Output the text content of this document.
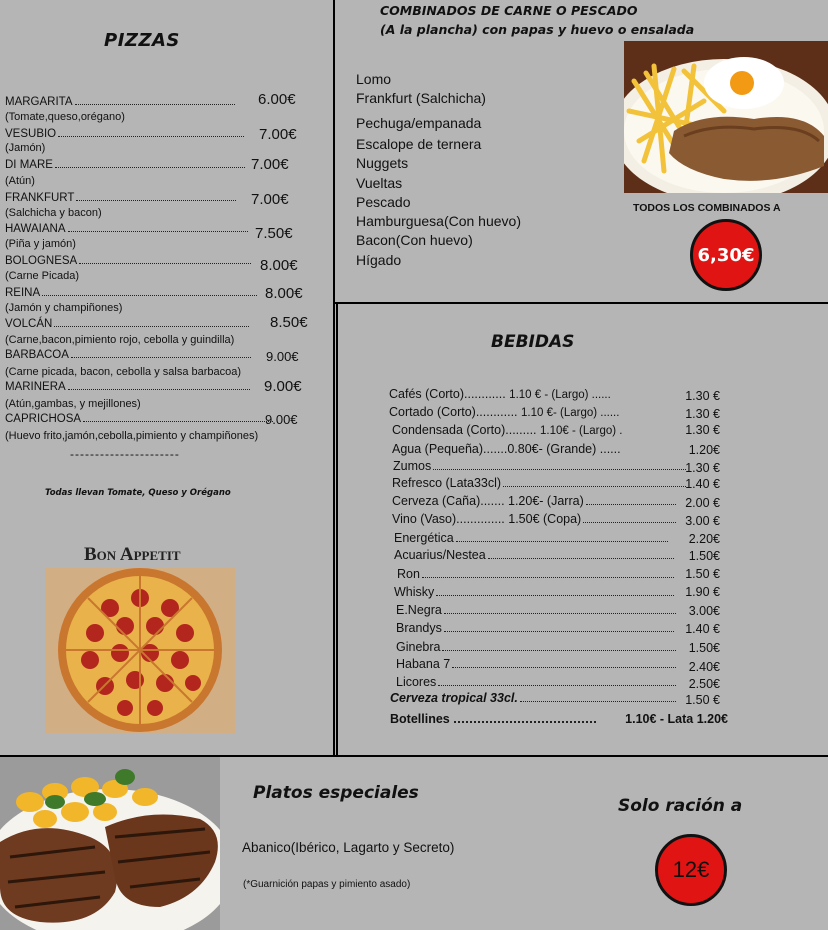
PIZZAS
MARGARITA	6.00€
(Tomate,queso,orégano)
VESUBIO	7.00€
(Jamón)
DI MARE	7.00€
(Atún)
FRANKFURT	7.00€
(Salchicha y bacon)
HAWAIANA	7.50€
(Piña y jamón)
BOLOGNESA	8.00€
(Carne Picada)
REINA	8.00€
(Jamón y champiñones)
VOLCÁN	8.50€
(Carne,bacon,pimiento rojo, cebolla y guindilla)
BARBACOA	9.00€
(Carne picada, bacon, cebolla y salsa barbacoa)
MARINERA	9.00€
(Atún,gambas, y mejillones)
CAPRICHOSA	9.00€
(Huevo frito,jamón,cebolla,pimiento y champiñones)
----------------------
Todas llevan Tomate, Queso y Orégano
Bon Appetit
COMBINADOS DE CARNE O PESCADO
(A la plancha) con papas y huevo o ensalada
Lomo
Frankfurt (Salchicha)
Pechuga/empanada
Escalope de ternera
Nuggets
Vueltas
Pescado
Hamburguesa(Con huevo)
Bacon(Con huevo)
Hígado
TODOS LOS COMBINADOS A
6,30€
BEBIDAS
Cafés (Corto)............ 1.10 € - (Largo) ......	1.30 €
Cortado (Corto)............ 1.10 €- (Largo) ......	1.30 €
Condensada (Corto)......... 1.10€ - (Largo) .	1.30 €
Agua (Pequeña).......0.80€- (Grande) ......	1.20€
Zumos	1.30 €
Refresco (Lata33cl)	1.40 €
Cerveza (Caña)....... 1.20€- (Jarra)	2.00 €
Vino (Vaso).............. 1.50€ (Copa)	3.00 €
Energética	2.20€
Acuarius/Nestea	1.50€
Ron	1.50 €
Whisky	1.90 €
E.Negra	3.00€
Brandys	1.40 €
Ginebra	1.50€
Habana 7	2.40€
Licores	2.50€
Cerveza tropical 33cl.	1.50 €
Botellines	1.10€ - Lata 1.20€
Platos especiales
Abanico(Ibérico, Lagarto y Secreto)
(*Guarnición papas y pimiento asado)
Solo ración a
12€
